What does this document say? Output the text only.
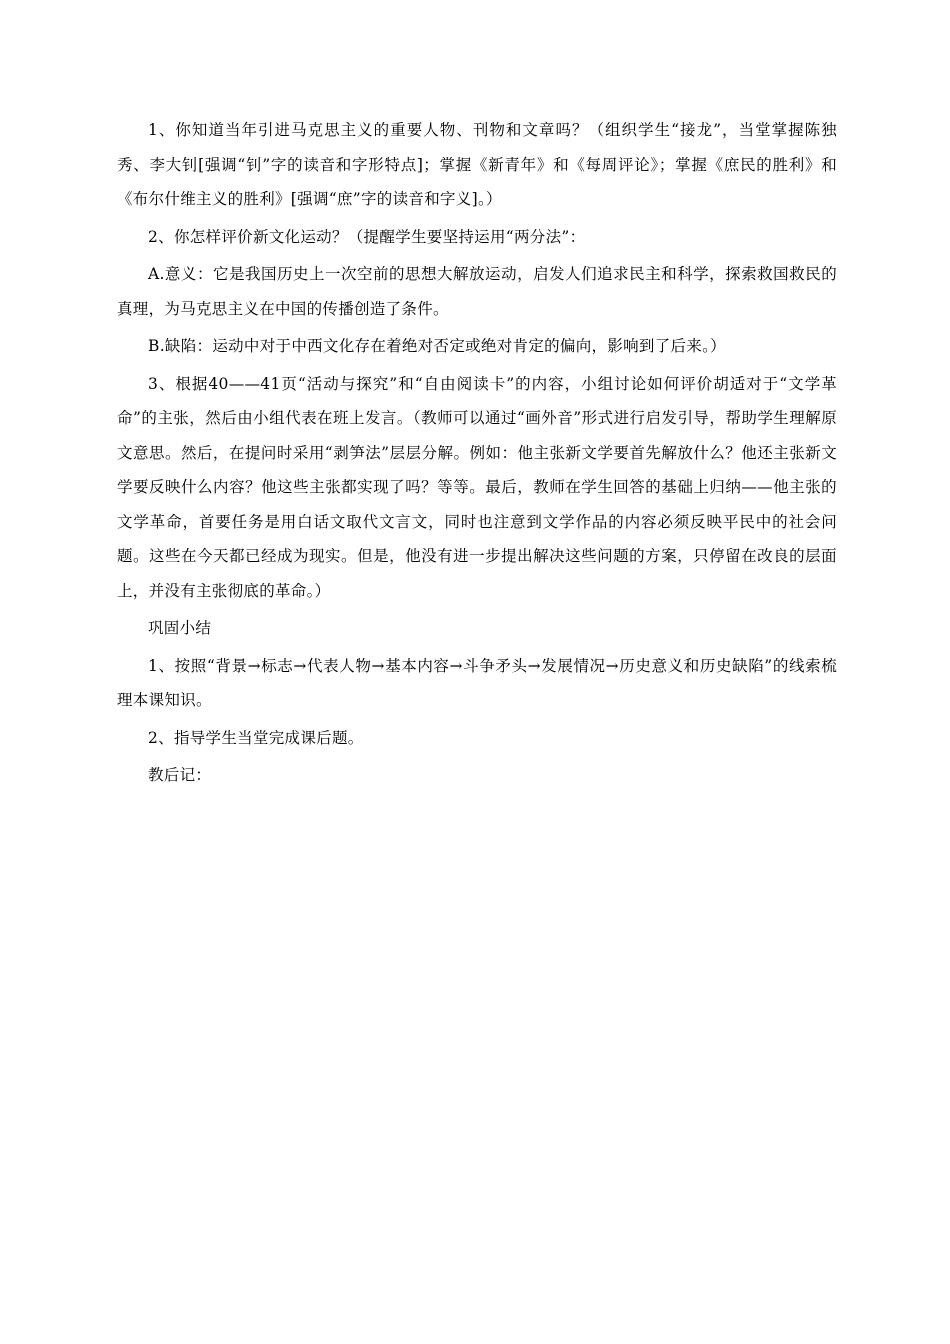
1、你知道当年引进马克思主义的重要人物、刊物和文章吗？（组织学生“接龙”，当堂掌握陈独秀、李大钊[强调“钊”字的读音和字形特点]；掌握《新青年》和《每周评论》；掌握《庶民的胜利》和《布尔什维主义的胜利》[强调“庶”字的读音和字义]。）

2、你怎样评价新文化运动？（提醒学生要坚持运用“两分法”：

A.意义：它是我国历史上一次空前的思想大解放运动，启发人们追求民主和科学，探索救国救民的真理，为马克思主义在中国的传播创造了条件。

B.缺陷：运动中对于中西文化存在着绝对否定或绝对肯定的偏向，影响到了后来。）

3、根据40——41页“活动与探究”和“自由阅读卡”的内容，小组讨论如何评价胡适对于“文学革命”的主张，然后由小组代表在班上发言。（教师可以通过“画外音”形式进行启发引导，帮助学生理解原文意思。然后，在提问时采用“剥笋法”层层分解。例如：他主张新文学要首先解放什么？他还主张新文学要反映什么内容？他这些主张都实现了吗？等等。最后，教师在学生回答的基础上归纳——他主张的文学革命，首要任务是用白话文取代文言文，同时也注意到文学作品的内容必须反映平民中的社会问题。这些在今天都已经成为现实。但是，他没有进一步提出解决这些问题的方案，只停留在改良的层面上，并没有主张彻底的革命。）

巩固小结

1、按照“背景→标志→代表人物→基本内容→斗争矛头→发展情况→历史意义和历史缺陷”的线索梳理本课知识。

2、指导学生当堂完成课后题。

教后记：
